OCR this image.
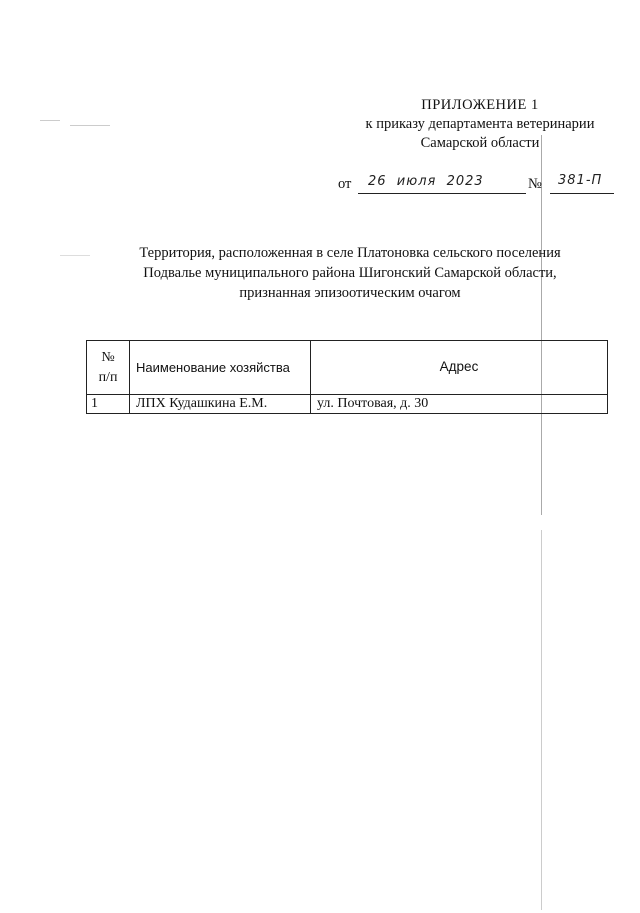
ПРИЛОЖЕНИЕ 1
к приказу департамента ветеринарии
Самарской области
от 26  июля  2023	№ 381-П
Территория, расположенная в селе Платоновка сельского поселения
Подвалье муниципального района Шигонский Самарской области,
признанная эпизоотическим очагом
№
п/п	Наименование хозяйства	Адрес
1	ЛПХ Кудашкина Е.М.	ул. Почтовая, д. 30
